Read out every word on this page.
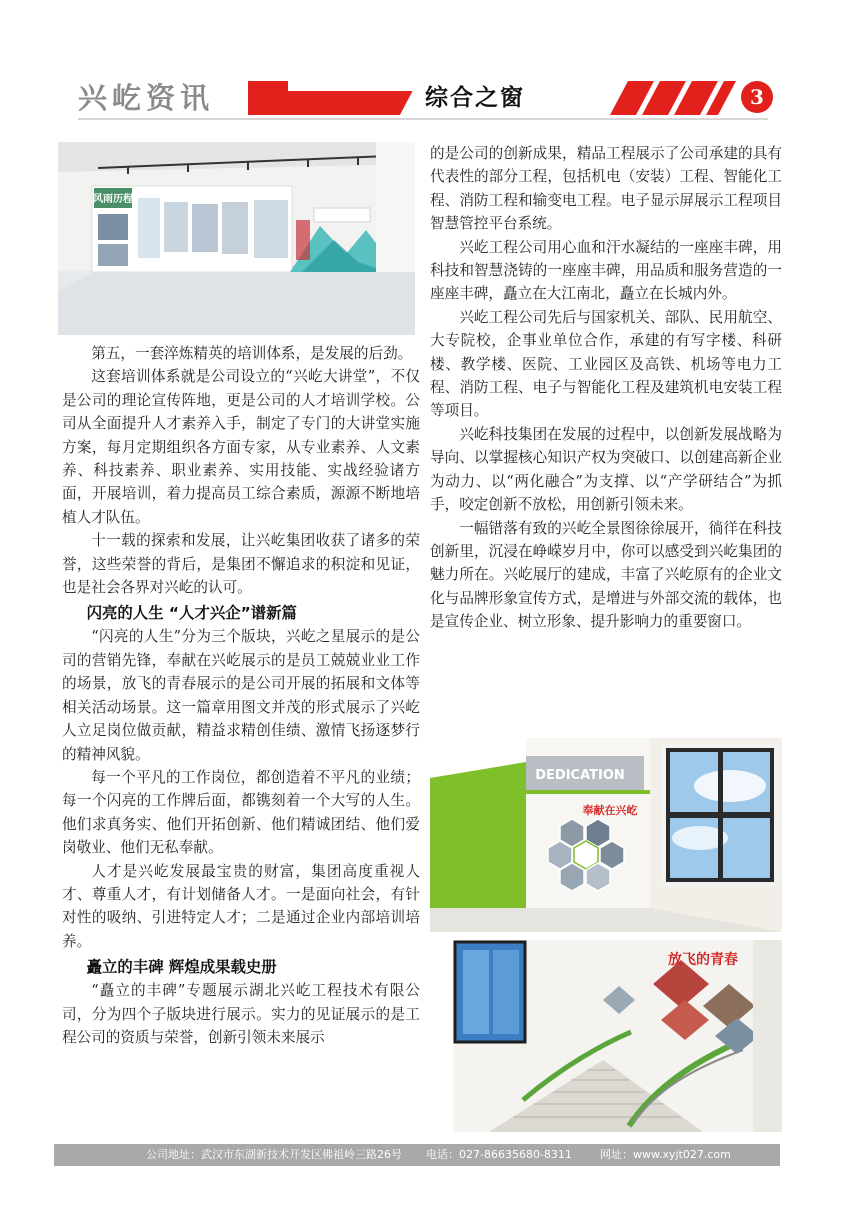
兴屹资讯	综合之窗	3
风雨历程

第五，一套淬炼精英的培训体系，是发展的后劲。

这套培训体系就是公司设立的“兴屹大讲堂”，不仅是公司的理论宣传阵地，更是公司的人才培训学校。公司从全面提升人才素养入手，制定了专门的大讲堂实施方案，每月定期组织各方面专家，从专业素养、人文素养、科技素养、职业素养、实用技能、实战经验诸方面，开展培训，着力提高员工综合素质，源源不断地培植人才队伍。

十一载的探索和发展，让兴屹集团收获了诸多的荣誉，这些荣誉的背后，是集团不懈追求的积淀和见证，也是社会各界对兴屹的认可。

闪亮的人生 “人才兴企”谱新篇

“闪亮的人生”分为三个版块，兴屹之星展示的是公司的营销先锋，奉献在兴屹展示的是员工兢兢业业工作的场景，放飞的青春展示的是公司开展的拓展和文体等相关活动场景。这一篇章用图文并茂的形式展示了兴屹人立足岗位做贡献，精益求精创佳绩、激情飞扬逐梦行的精神风貌。

每一个平凡的工作岗位，都创造着不平凡的业绩；每一个闪亮的工作牌后面，都镌刻着一个大写的人生。他们求真务实、他们开拓创新、他们精诚团结、他们爱岗敬业、他们无私奉献。

人才是兴屹发展最宝贵的财富，集团高度重视人才、尊重人才，有计划储备人才。一是面向社会，有针对性的吸纳、引进特定人才；二是通过企业内部培训培养。

矗立的丰碑 辉煌成果载史册

“矗立的丰碑”专题展示湖北兴屹工程技术有限公司，分为四个子版块进行展示。实力的见证展示的是工程公司的资质与荣誉，创新引领未来展示

的是公司的创新成果，精品工程展示了公司承建的具有代表性的部分工程，包括机电（安装）工程、智能化工程、消防工程和输变电工程。电子显示屏展示工程项目智慧管控平台系统。

兴屹工程公司用心血和汗水凝结的一座座丰碑，用科技和智慧浇铸的一座座丰碑，用品质和服务营造的一座座丰碑，矗立在大江南北，矗立在长城内外。

兴屹工程公司先后与国家机关、部队、民用航空、大专院校，企事业单位合作，承建的有写字楼、科研楼、教学楼、医院、工业园区及高铁、机场等电力工程、消防工程、电子与智能化工程及建筑机电安装工程等项目。

兴屹科技集团在发展的过程中，以创新发展战略为导向、以掌握核心知识产权为突破口、以创建高新企业为动力、以“两化融合”为支撑、以“产学研结合”为抓手，咬定创新不放松，用创新引领未来。

一幅错落有致的兴屹全景图徐徐展开，徜徉在科技创新里，沉浸在峥嵘岁月中，你可以感受到兴屹集团的魅力所在。兴屹展厅的建成，丰富了兴屹原有的企业文化与品牌形象宣传方式，是增进与外部交流的载体，也是宣传企业、树立形象、提升影响力的重要窗口。

DEDICATION
奉献在兴屹
放飞的青春
公司地址：武汉市东湖新技术开发区佛祖岭三路26号 电话：027-86635680-8311	网址：www.xyjt027.com
